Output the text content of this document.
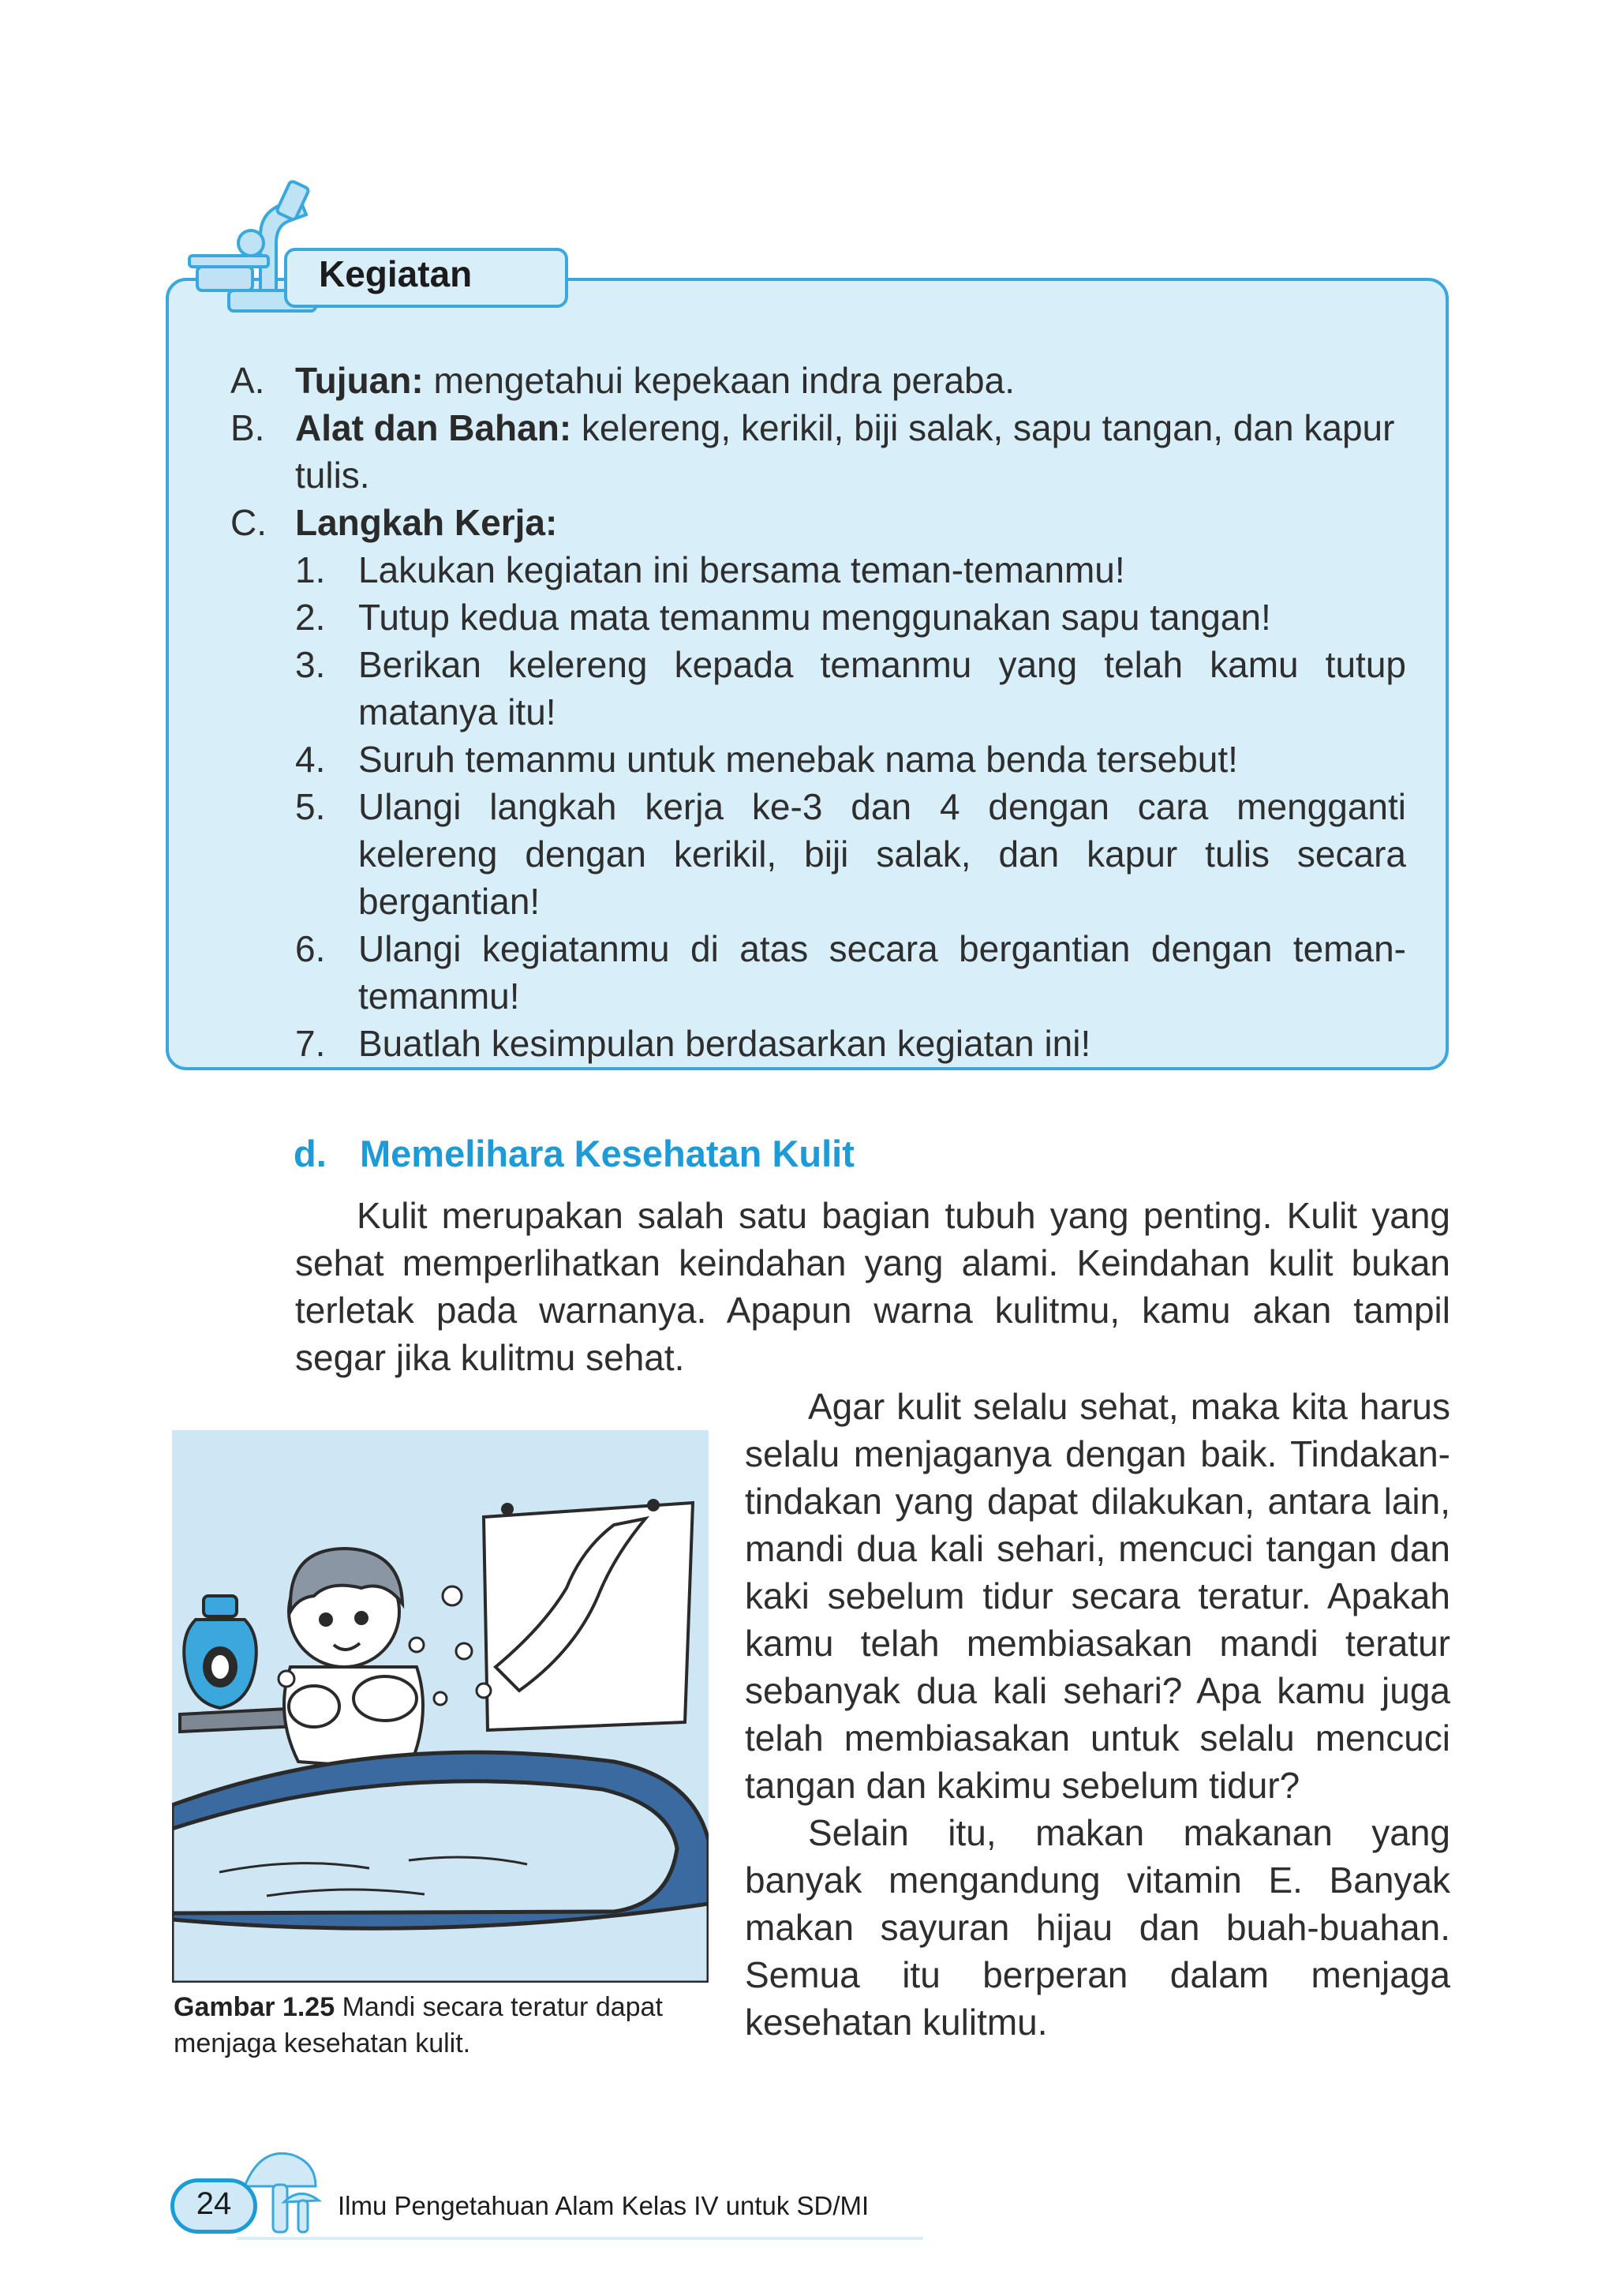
Kegiatan
A. Tujuan: mengetahui kepekaan indra peraba.
B. Alat dan Bahan: kelereng, kerikil, biji salak, sapu tangan, dan kapur tulis.
C. Langkah Kerja:
1. Lakukan kegiatan ini bersama teman-temanmu!
2. Tutup kedua mata temanmu menggunakan sapu tangan!
3. Berikan kelereng kepada temanmu yang telah kamu tutup matanya itu!
4. Suruh temanmu untuk menebak nama benda tersebut!
5. Ulangi langkah kerja ke-3 dan 4 dengan cara mengganti kelereng dengan kerikil, biji salak, dan kapur tulis secara bergantian!
6. Ulangi kegiatanmu di atas secara bergantian dengan teman-temanmu!
7. Buatlah kesimpulan berdasarkan kegiatan ini!
d. Memelihara Kesehatan Kulit
Kulit merupakan salah satu bagian tubuh yang penting. Kulit yang sehat memperlihatkan keindahan yang alami. Keindahan kulit bukan terletak pada warnanya. Apapun warna kulitmu, kamu akan tampil segar jika kulitmu sehat.
Agar kulit selalu sehat, maka kita harus selalu menjaganya dengan baik. Tindakan-tindakan yang dapat dilakukan, antara lain, mandi dua kali sehari, mencuci tangan dan kaki sebelum tidur secara teratur. Apakah kamu telah membiasakan mandi teratur sebanyak dua kali sehari? Apa kamu juga telah membiasakan untuk selalu mencuci tangan dan kakimu sebelum tidur?
Selain itu, makan makanan yang banyak mengandung vitamin E. Banyak makan sayuran hijau dan buah-buahan. Semua itu berperan dalam menjaga kesehatan kulitmu.
Gambar 1.25 Mandi secara teratur dapat menjaga kesehatan kulit.
24	Ilmu Pengetahuan Alam Kelas IV untuk SD/MI
